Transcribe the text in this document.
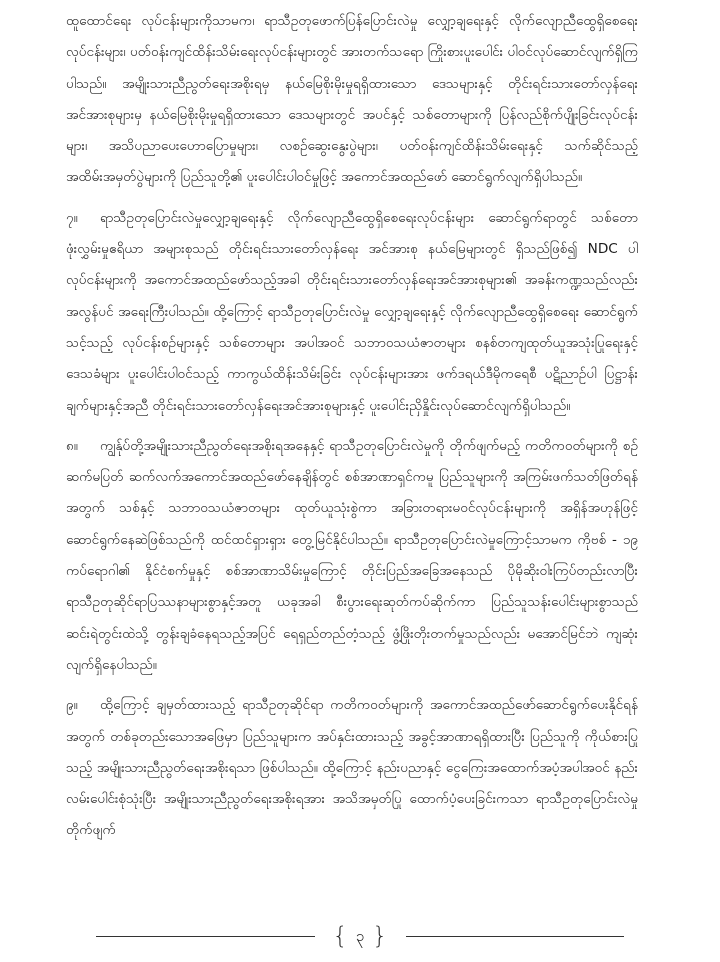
ထူထောင်ရေး လုပ်ငန်းများကိုသာမက၊ ရာသီဥတုဖောက်ပြန်ပြောင်းလဲမှု လျှော့ချရေးနှင့် လိုက်လျောညီထွေရှိစေရေးလုပ်ငန်းများ၊ ပတ်ဝန်းကျင်ထိန်းသိမ်းရေးလုပ်ငန်းများတွင် အားတက်သရော ကြိုးစားပူးပေါင်း ပါဝင်လုပ်ဆောင်လျက်ရှိကြပါသည်။ အမျိုးသားညီညွတ်ရေးအစိုးရမှ နယ်မြေစိုးမိုးမှုရရှိထားသော ဒေသများနှင့် တိုင်းရင်းသားတော်လှန်ရေးအင်အားစုများမှ နယ်မြေစိုးမိုးမှုရရှိထားသော ဒေသများတွင် အပင်နှင့် သစ်တောများကို ပြန်လည်စိုက်ပျိုးခြင်းလုပ်ငန်းများ၊ အသိပညာပေးဟောပြောမှုများ၊ လစဉ်ဆွေးနွေးပွဲများ၊ ပတ်ဝန်းကျင်ထိန်းသိမ်းရေးနှင့် သက်ဆိုင်သည့် အထိမ်းအမှတ်ပွဲများကို ပြည်သူတို့၏ ပူးပေါင်းပါဝင်မှုဖြင့် အကောင်အထည်ဖော် ဆောင်ရွက်လျက်ရှိပါသည်။

၇။ ရာသီဥတုပြောင်းလဲမှုလျှော့ချရေးနှင့် လိုက်လျောညီထွေရှိစေရေးလုပ်ငန်းများ ဆောင်ရွက်ရာတွင် သစ်တောဖုံးလွှမ်းမှုဧရိယာ အများစုသည် တိုင်းရင်းသားတော်လှန်ရေး အင်အားစု နယ်မြေများတွင် ရှိသည်ဖြစ်၍ NDC ပါ လုပ်ငန်းများကို အကောင်အထည်ဖော်သည့်အခါ တိုင်းရင်းသားတော်လှန်ရေးအင်အားစုများ၏ အခန်းကဏ္ဍသည်လည်း အလွန်ပင် အရေးကြီးပါသည်။ ထို့ကြောင့် ရာသီဥတုပြောင်းလဲမှု လျှော့ချရေးနှင့် လိုက်လျောညီထွေရှိစေရေး ဆောင်ရွက်သင့်သည့် လုပ်ငန်းစဉ်များနှင့် သစ်တောများ အပါအဝင် သဘာဝသယံဇာတများ စနစ်တကျထုတ်ယူအသုံးပြုရေးနှင့် ဒေသခံများ ပူးပေါင်းပါဝင်သည့် ကာကွယ်ထိန်းသိမ်းခြင်း လုပ်ငန်းများအား ဖက်ဒရယ်ဒီမိုကရေစီ ပဋိညာဉ်ပါ ပြဋ္ဌာန်းချက်များနှင့်အညီ တိုင်းရင်းသားတော်လှန်ရေးအင်အားစုများနှင့် ပူးပေါင်းညှိနှိုင်းလုပ်ဆောင်လျက်ရှိပါသည်။

၈။ ကျွန်ုပ်တို့အမျိုးသားညီညွတ်ရေးအစိုးရအနေနှင့် ရာသီဥတုပြောင်းလဲမှုကို တိုက်ဖျက်မည့် ကတိကဝတ်များကို စဉ်ဆက်မပြတ် ဆက်လက်အကောင်အထည်ဖော်နေချိန်တွင် စစ်အာဏာရှင်ကမူ ပြည်သူများကို အကြမ်းဖက်သတ်ဖြတ်ရန်အတွက် သစ်နှင့် သဘာဝသယံဇာတများ ထုတ်ယူသုံးစွဲကာ အခြားတရားမဝင်လုပ်ငန်းများကို အရှိန်အဟုန်ဖြင့် ဆောင်ရွက်နေဆဲဖြစ်သည်ကို ထင်ထင်ရှားရှား တွေ့မြင်နိုင်ပါသည်။ ရာသီဥတုပြောင်းလဲမှုကြောင့်သာမက ကိုဗစ် - ၁၉ ကပ်ရောဂါ၏ နိုင်ငံစက်မှုနှင့် စစ်အာဏာသိမ်းမှုကြောင့် တိုင်းပြည်အခြေအနေသည် ပိုမိုဆိုးဝါးကြပ်တည်းလာပြီး ရာသီဥတုဆိုင်ရာပြဿနာများစွာနှင့်အတူ ယခုအခါ စီးပွားရေးဆုတ်ကပ်ဆိုက်ကာ ပြည်သူသန်းပေါင်းများစွာသည် ဆင်းရဲတွင်းထဲသို့ တွန်းချခံနေရသည့်အပြင် ရေရှည်တည်တံ့သည့် ဖွံ့ဖြိုးတိုးတက်မှုသည်လည်း မအောင်မြင်ဘဲ ကျဆုံးလျက်ရှိနေပါသည်။

၉။ ထို့ကြောင့် ချမှတ်ထားသည့် ရာသီဥတုဆိုင်ရာ ကတိကဝတ်များကို အကောင်အထည်ဖော်ဆောင်ရွက်ပေးနိုင်ရန်အတွက် တစ်ခုတည်းသောအဖြေမှာ ပြည်သူများက အပ်နှင်းထားသည့် အခွင့်အာဏာရရှိထားပြီး ပြည်သူကို ကိုယ်စားပြုသည့် အမျိုးသားညီညွတ်ရေးအစိုးရသာ ဖြစ်ပါသည်။ ထို့ကြောင့် နည်းပညာနှင့် ငွေကြေးအထောက်အပံ့အပါအဝင် နည်းလမ်းပေါင်းစုံသုံးပြီး အမျိုးသားညီညွတ်ရေးအစိုးရအား အသိအမှတ်ပြု ထောက်ပံ့ပေးခြင်းကသာ ရာသီဥတုပြောင်းလဲမှု တိုက်ဖျက်

{ ၃ }
